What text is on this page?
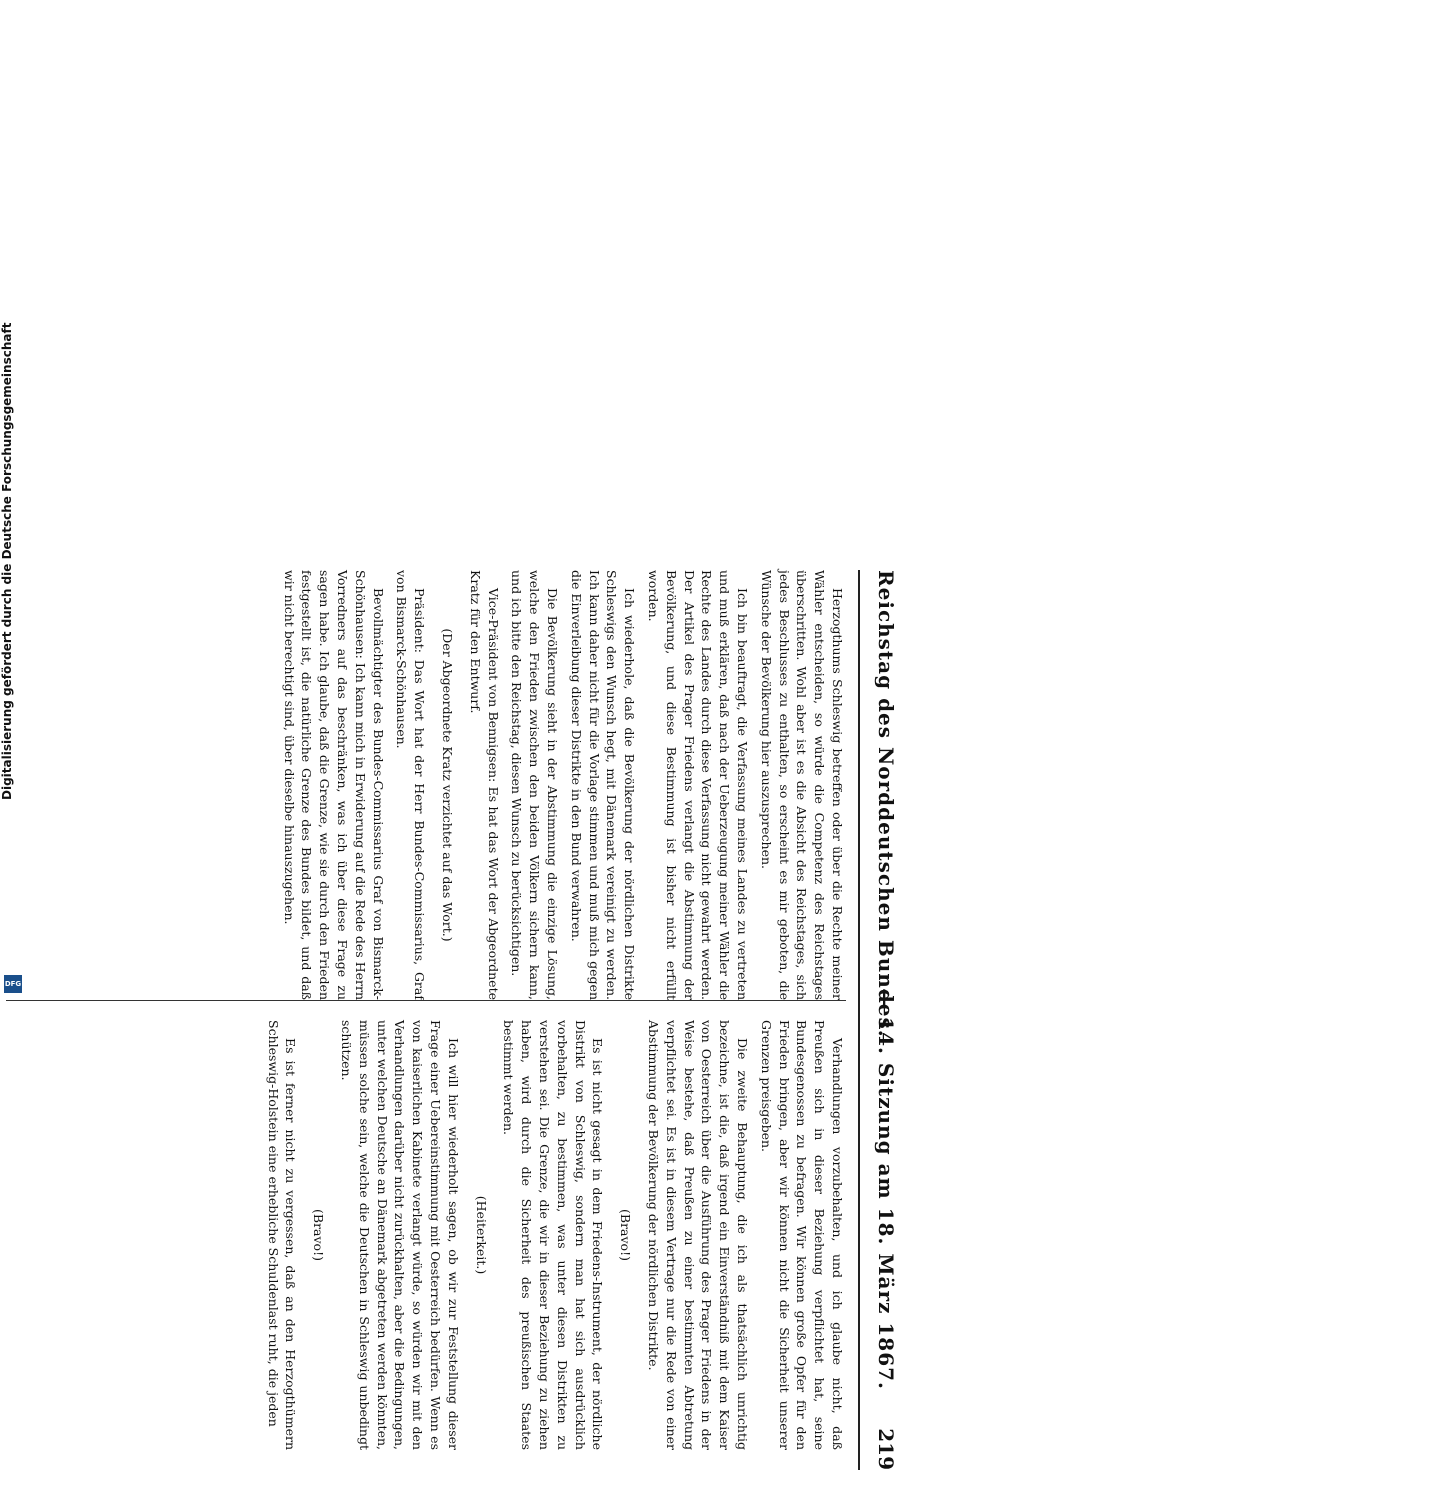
Digitalisierung gefördert durch die Deutsche Forschungsgemeinschaft
DFG	Reichstag des Norddeutschen Bundes.
— 14. Sitzung am 18. März 1867.
219

Herzogthums Schleswig betreffen oder über die Rechte meiner Wähler entscheiden, so würde die Competenz des Reichstages überschritten. Wohl aber ist es die Absicht des Reichstages, sich jedes Beschlusses zu enthalten, so erscheint es mir geboten, die Wünsche der Bevölkerung hier auszusprechen.

Ich bin beauftragt, die Verfassung meines Landes zu vertreten und muß erklären, daß nach der Ueberzeugung meiner Wähler die Rechte des Landes durch diese Verfassung nicht gewahrt werden. Der Artikel des Prager Friedens verlangt die Abstimmung der Bevölkerung, und diese Bestimmung ist bisher nicht erfüllt worden.

Ich wiederhole, daß die Bevölkerung der nördlichen Distrikte Schleswigs den Wunsch hegt, mit Dänemark vereinigt zu werden. Ich kann daher nicht für die Vorlage stimmen und muß mich gegen die Einverleibung dieser Distrikte in den Bund verwahren.

Die Bevölkerung sieht in der Abstimmung die einzige Lösung, welche den Frieden zwischen den beiden Völkern sichern kann, und ich bitte den Reichstag, diesen Wunsch zu berücksichtigen.

Vice-Präsident von Bennigsen: Es hat das Wort der Abgeordnete Kratz für den Entwurf.

(Der Abgeordnete Kratz verzichtet auf das Wort.)

Präsident: Das Wort hat der Herr Bundes-Commissarius, Graf von Bismarck-Schönhausen.

Bevollmächtigter des Bundes-Commissarius Graf von Bismarck-Schönhausen: Ich kann mich in Erwiderung auf die Rede des Herrn Vorredners auf das beschränken, was ich über diese Frage zu sagen habe. Ich glaube, daß die Grenze, wie sie durch den Frieden festgestellt ist, die natürliche Grenze des Bundes bildet, und daß wir nicht berechtigt sind, über dieselbe hinauszugehen.

Verhandlungen vorzubehalten, und ich glaube nicht, daß Preußen sich in dieser Beziehung verpflichtet hat, seine Bundesgenossen zu befragen. Wir können große Opfer für den Frieden bringen, aber wir können nicht die Sicherheit unserer Grenzen preisgeben.

Die zweite Behauptung, die ich als thatsächlich unrichtig bezeichne, ist die, daß irgend ein Einverständniß mit dem Kaiser von Oesterreich über die Ausführung des Prager Friedens in der Weise bestehe, daß Preußen zu einer bestimmten Abtretung verpflichtet sei. Es ist in diesem Vertrage nur die Rede von einer Abstimmung der Bevölkerung der nördlichen Distrikte.

(Bravo!)

Es ist nicht gesagt in dem Friedens-Instrument, der nördliche Distrikt von Schleswig, sondern man hat sich ausdrücklich vorbehalten, zu bestimmen, was unter diesen Distrikten zu verstehen sei. Die Grenze, die wir in dieser Beziehung zu ziehen haben, wird durch die Sicherheit des preußischen Staates bestimmt werden.

(Heiterkeit.)

Ich will hier wiederholt sagen, ob wir zur Feststellung dieser Frage einer Uebereinstimmung mit Oesterreich bedürfen. Wenn es von kaiserlichen Kabinete verlangt würde, so würden wir mit den Verhandlungen darüber nicht zurückhalten, aber die Bedingungen, unter welchen Deutsche an Dänemark abgetreten werden könnten, müssen solche sein, welche die Deutschen in Schleswig unbedingt schützen.

(Bravo!)

Es ist ferner nicht zu vergessen, daß an den Herzogthümern Schleswig-Holstein eine erhebliche Schuldenlast ruht, die jeden
